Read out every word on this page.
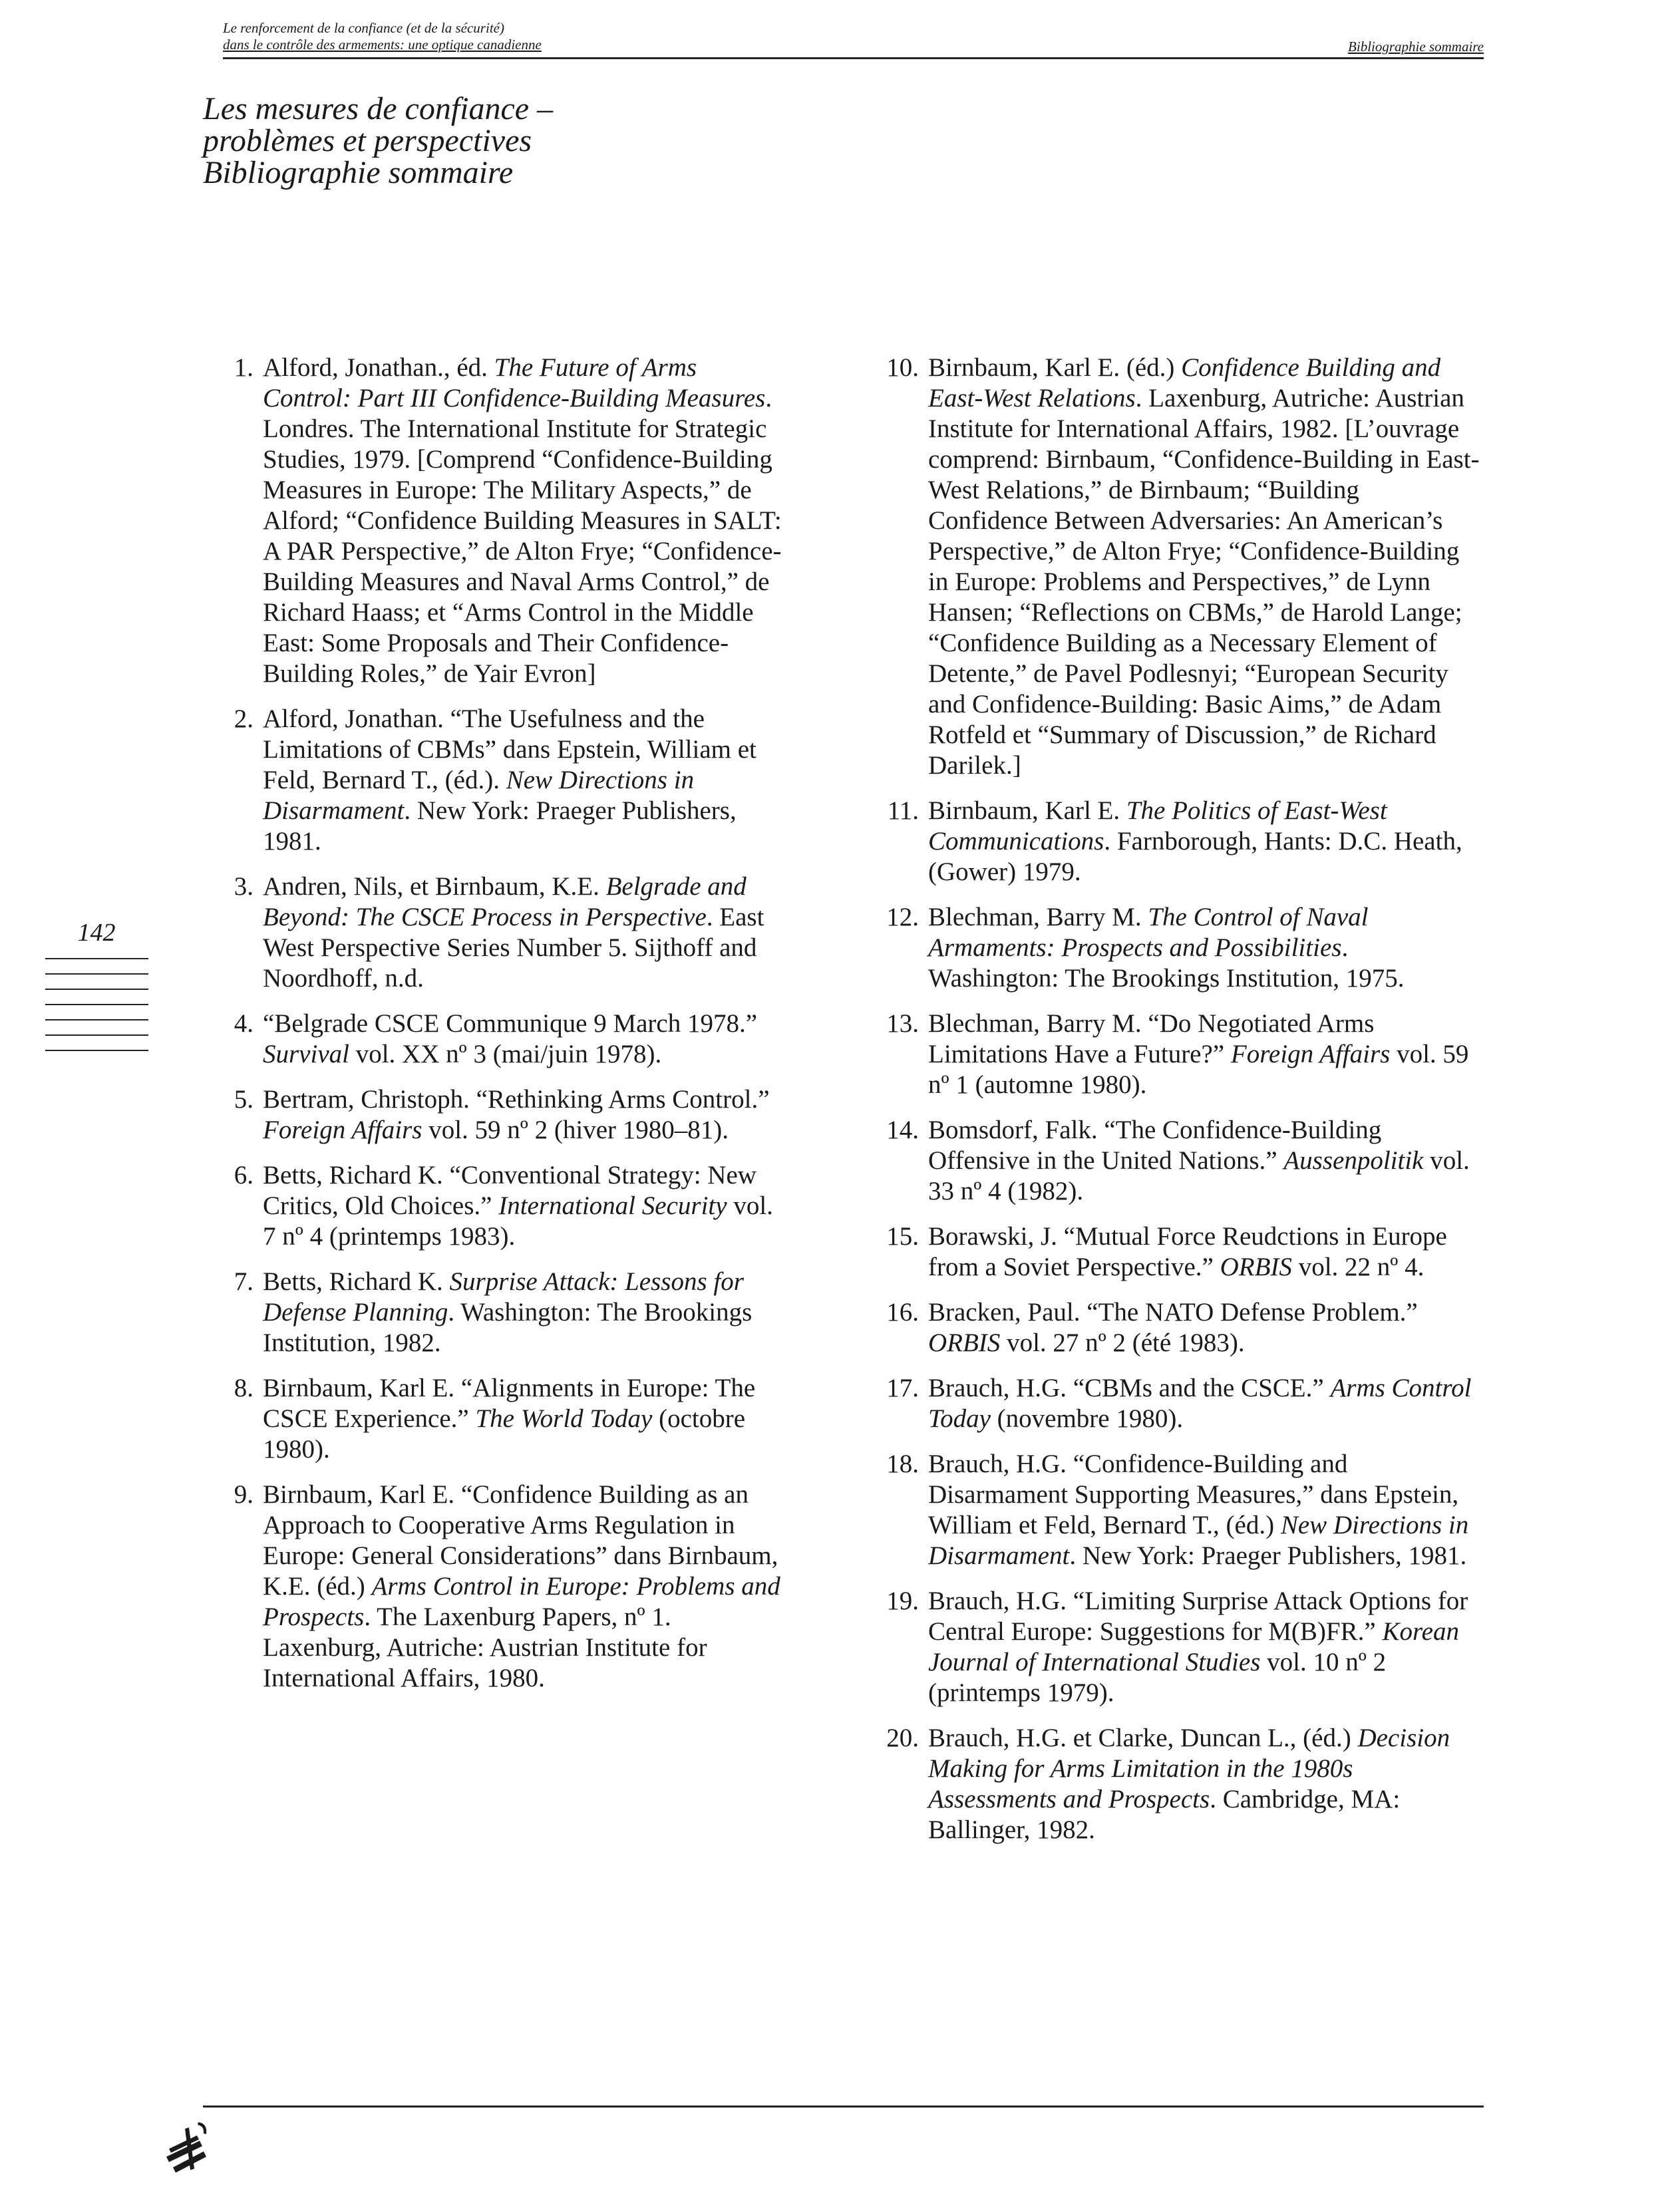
Le renforcement de la confiance (et de la sécurité)
dans le contrôle des armements: une optique canadienne	Bibliographie sommaire
Les mesures de confiance –
problèmes et perspectives
Bibliographie sommaire
1. Alford, Jonathan., éd. The Future of Arms Control: Part III Confidence-Building Measures. Londres. The International Institute for Strategic Studies, 1979. [Comprend “Confidence-Building Measures in Europe: The Military Aspects,” de Alford; “Confidence Building Measures in SALT: A PAR Perspective,” de Alton Frye; “Confidence-Building Measures and Naval Arms Control,” de Richard Haass; et “Arms Control in the Middle East: Some Proposals and Their Confidence-Building Roles,” de Yair Evron]
2. Alford, Jonathan. “The Usefulness and the Limitations of CBMs” dans Epstein, William et Feld, Bernard T., (éd.). New Directions in Disarmament. New York: Praeger Publishers, 1981.
3. Andren, Nils, et Birnbaum, K.E. Belgrade and Beyond: The CSCE Process in Perspective. East West Perspective Series Number 5. Sijthoff and Noordhoff, n.d.
4. “Belgrade CSCE Communique 9 March 1978.” Survival vol. XX nº 3 (mai/juin 1978).
5. Bertram, Christoph. “Rethinking Arms Control.” Foreign Affairs vol. 59 nº 2 (hiver 1980–81).
6. Betts, Richard K. “Conventional Strategy: New Critics, Old Choices.” International Security vol. 7 nº 4 (printemps 1983).
7. Betts, Richard K. Surprise Attack: Lessons for Defense Planning. Washington: The Brookings Institution, 1982.
8. Birnbaum, Karl E. “Alignments in Europe: The CSCE Experience.” The World Today (octobre 1980).
9. Birnbaum, Karl E. “Confidence Building as an Approach to Cooperative Arms Regulation in Europe: General Considerations” dans Birnbaum, K.E. (éd.) Arms Control in Europe: Problems and Prospects. The Laxenburg Papers, nº 1. Laxenburg, Autriche: Austrian Institute for International Affairs, 1980.
10. Birnbaum, Karl E. (éd.) Confidence Building and East-West Relations. Laxenburg, Autriche: Austrian Institute for International Affairs, 1982. [L’ouvrage comprend: Birnbaum, “Confidence-Building in East-West Relations,” de Birnbaum; “Building Confidence Between Adversaries: An American’s Perspective,” de Alton Frye; “Confidence-Building in Europe: Problems and Perspectives,” de Lynn Hansen; “Reflections on CBMs,” de Harold Lange; “Confidence Building as a Necessary Element of Detente,” de Pavel Podlesnyi; “European Security and Confidence-Building: Basic Aims,” de Adam Rotfeld et “Summary of Discussion,” de Richard Darilek.]
11. Birnbaum, Karl E. The Politics of East-West Communications. Farnborough, Hants: D.C. Heath, (Gower) 1979.
12. Blechman, Barry M. The Control of Naval Armaments: Prospects and Possibilities. Washington: The Brookings Institution, 1975.
13. Blechman, Barry M. “Do Negotiated Arms Limitations Have a Future?” Foreign Affairs vol. 59 nº 1 (automne 1980).
14. Bomsdorf, Falk. “The Confidence-Building Offensive in the United Nations.” Aussenpolitik vol. 33 nº 4 (1982).
15. Borawski, J. “Mutual Force Reudctions in Europe from a Soviet Perspective.” ORBIS vol. 22 nº 4.
16. Bracken, Paul. “The NATO Defense Problem.” ORBIS vol. 27 nº 2 (été 1983).
17. Brauch, H.G. “CBMs and the CSCE.” Arms Control Today (novembre 1980).
18. Brauch, H.G. “Confidence-Building and Disarmament Supporting Measures,” dans Epstein, William et Feld, Bernard T., (éd.) New Directions in Disarmament. New York: Praeger Publishers, 1981.
19. Brauch, H.G. “Limiting Surprise Attack Options for Central Europe: Suggestions for M(B)FR.” Korean Journal of International Studies vol. 10 nº 2 (printemps 1979).
20. Brauch, H.G. et Clarke, Duncan L., (éd.) Decision Making for Arms Limitation in the 1980s Assessments and Prospects. Cambridge, MA: Ballinger, 1982.
142
